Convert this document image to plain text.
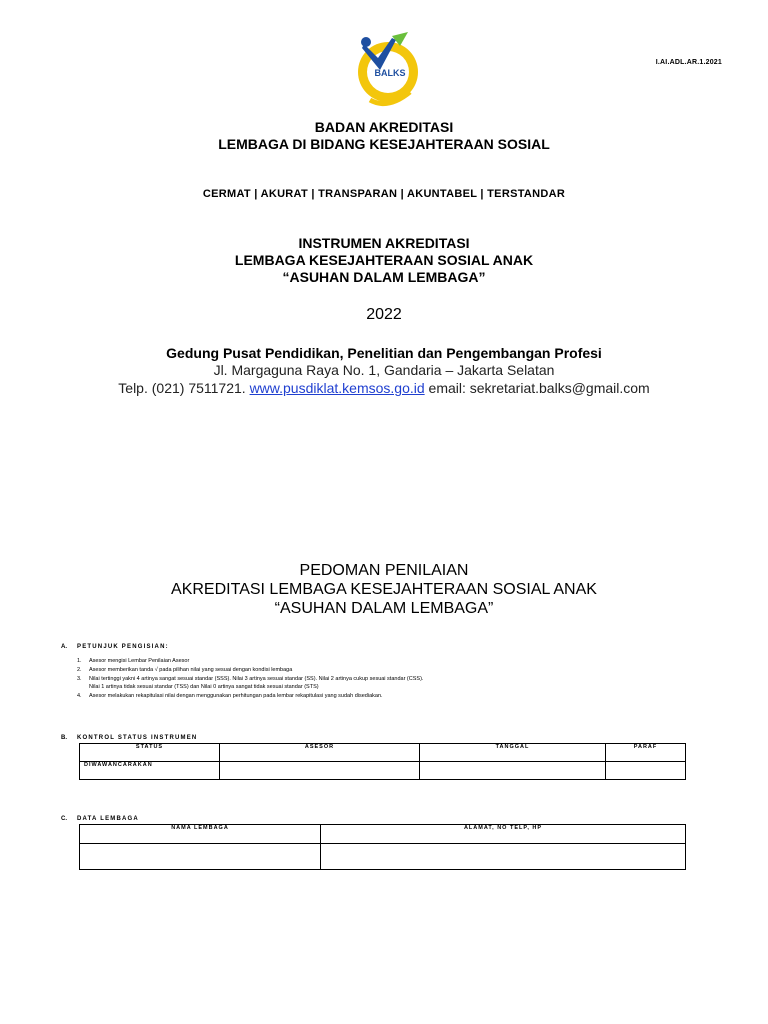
BALKS
I.AI.ADL.AR.1.2021
BADAN AKREDITASI
LEMBAGA DI BIDANG KESEJAHTERAAN SOSIAL
CERMAT | AKURAT | TRANSPARAN | AKUNTABEL | TERSTANDAR
INSTRUMEN AKREDITASI
LEMBAGA KESEJAHTERAAN SOSIAL ANAK
“ASUHAN DALAM LEMBAGA”
2022
Gedung Pusat Pendidikan, Penelitian dan Pengembangan Profesi
Jl. Margaguna Raya No. 1, Gandaria – Jakarta Selatan
Telp. (021) 7511721. www.pusdiklat.kemsos.go.id email: sekretariat.balks@gmail.com
PEDOMAN PENILAIAN
AKREDITASI LEMBAGA KESEJAHTERAAN SOSIAL ANAK
“ASUHAN DALAM LEMBAGA”
A. PETUNJUK PENGISIAN:
1. Asesor mengisi Lembar Penilaian Asesor
2. Asesor memberikan tanda √ pada pilihan nilai yang sesuai dengan kondisi lembaga
3. Nilai tertinggi yakni 4 artinya sangat sesuai standar (SSS). Nilai 3 artinya sesuai standar (SS). Nilai 2 artinya cukup sesuai standar (CSS).
Nilai 1 artinya tidak sesuai standar (TSS) dan Nilai 0 artinya sangat tidak sesuai standar (STS)
4. Asesor melakukan rekapitulasi nilai dengan menggunakan perhitungan pada lembar rekapitulasi yang sudah disediakan.
B. KONTROL STATUS INSTRUMEN
STATUS	ASESOR	TANGGAL	PARAF
DIWAWANCARAKAN			
C. DATA LEMBAGA
NAMA LEMBAGA	ALAMAT, NO TELP, HP
